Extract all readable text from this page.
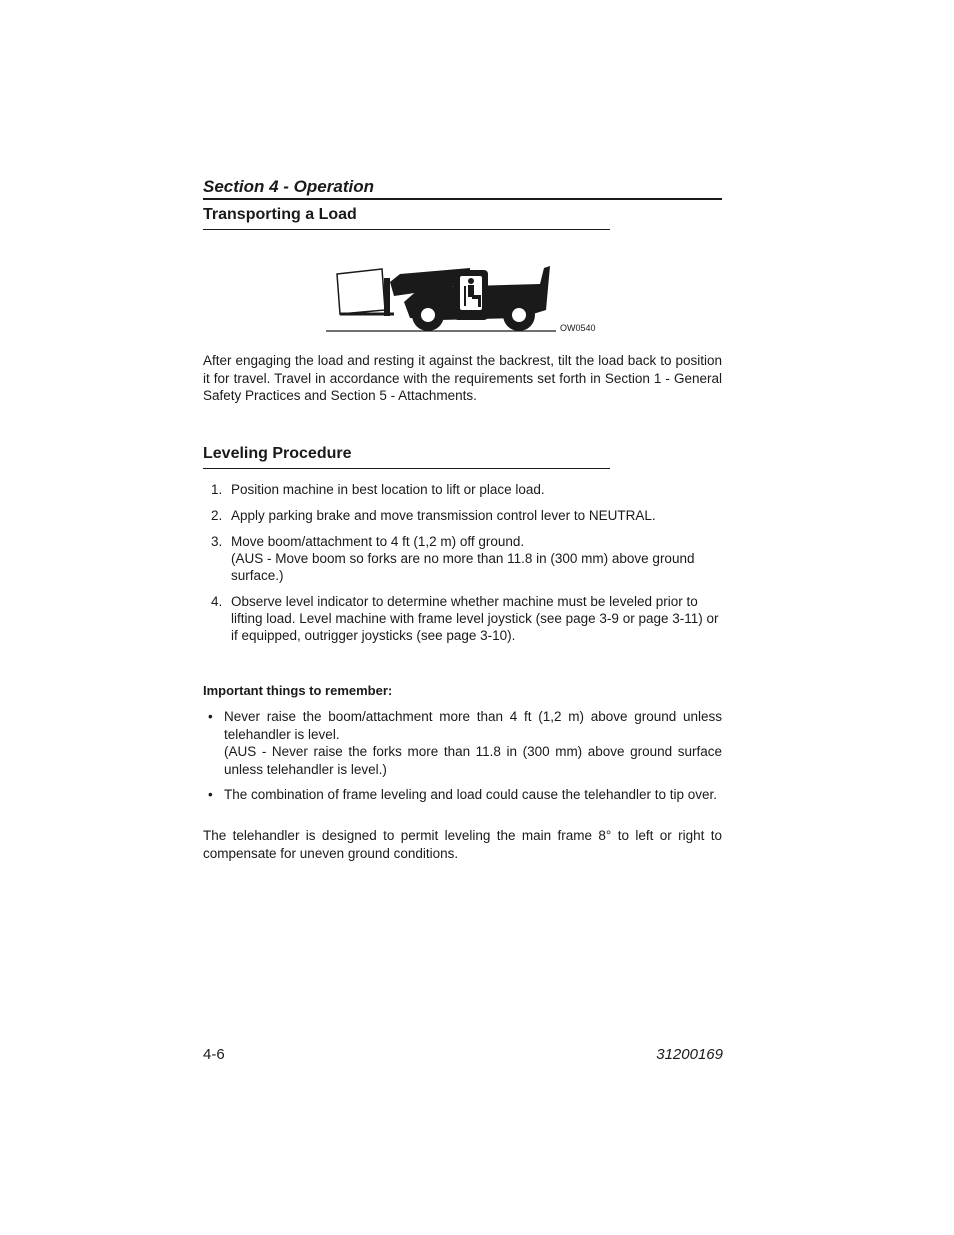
Section 4 - Operation
Transporting a Load
OW0540

After engaging the load and resting it against the backrest, tilt the load back to position it for travel. Travel in accordance with the requirements set forth in Section 1 - General Safety Practices and Section 5 - Attachments.

Leveling Procedure
1. Position machine in best location to lift or place load.
2. Apply parking brake and move transmission control lever to NEUTRAL.
3. Move boom/attachment to 4 ft (1,2 m) off ground.
(AUS - Move boom so forks are no more than 11.8 in (300 mm) above ground surface.)
4. Observe level indicator to determine whether machine must be leveled prior to lifting load. Level machine with frame level joystick (see page 3-9 or page 3-11) or if equipped, outrigger joysticks (see page 3-10).
Important things to remember:
• Never raise the boom/attachment more than 4 ft (1,2 m) above ground unless telehandler is level.
(AUS - Never raise the forks more than 11.8 in (300 mm) above ground surface unless telehandler is level.)
• The combination of frame leveling and load could cause the telehandler to tip over.

The telehandler is designed to permit leveling the main frame 8° to left or right to compensate for uneven ground conditions.

4-6	31200169
